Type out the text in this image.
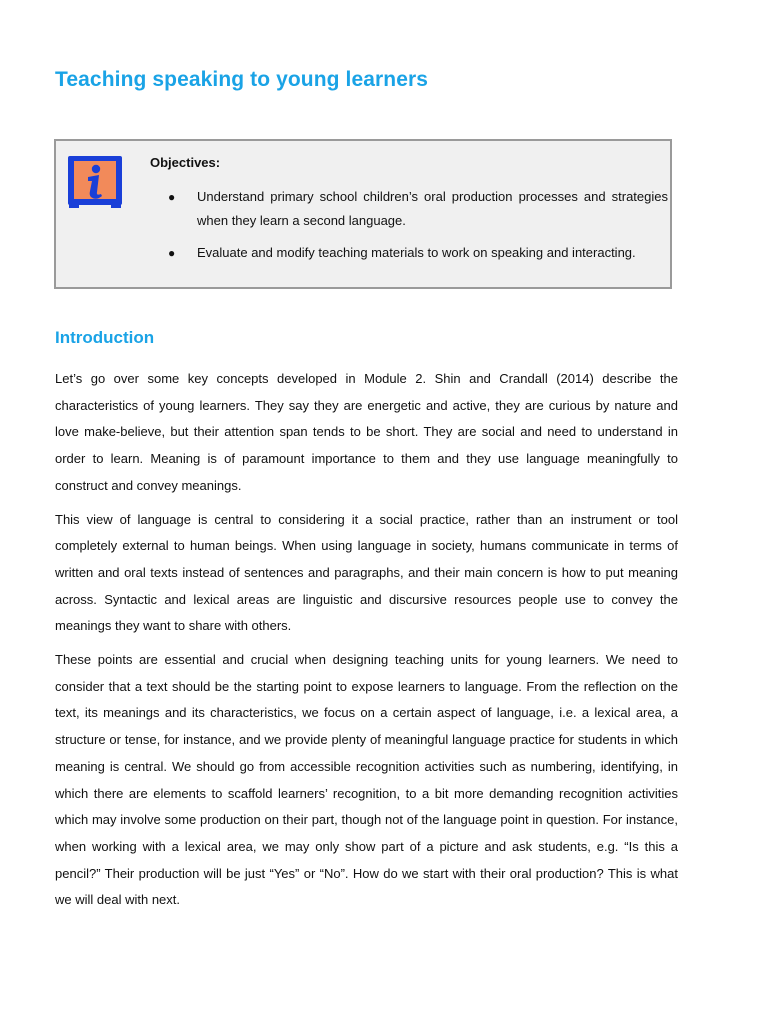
Teaching speaking to young learners

Objectives:

● Understand primary school children’s oral production processes and strategies when they learn a second language.
● Evaluate and modify teaching materials to work on speaking and interacting.
Introduction

Let’s go over some key concepts developed in Module 2. Shin and Crandall (2014) describe the characteristics of young learners. They say they are energetic and active, they are curious by nature and love make-believe, but their attention span tends to be short. They are social and need to understand in order to learn. Meaning is of paramount importance to them and they use language meaningfully to construct and convey meanings.

This view of language is central to considering it a social practice, rather than an instrument or tool completely external to human beings. When using language in society, humans communicate in terms of written and oral texts instead of sentences and paragraphs, and their main concern is how to put meaning across. Syntactic and lexical areas are linguistic and discursive resources people use to convey the meanings they want to share with others.

These points are essential and crucial when designing teaching units for young learners. We need to consider that a text should be the starting point to expose learners to language. From the reflection on the text, its meanings and its characteristics, we focus on a certain aspect of language, i.e. a lexical area, a structure or tense, for instance, and we provide plenty of meaningful language practice for students in which meaning is central. We should go from accessible recognition activities such as numbering, identifying, in which there are elements to scaffold learners’ recognition, to a bit more demanding recognition activities which may involve some production on their part, though not of the language point in question. For instance, when working with a lexical area, we may only show part of a picture and ask students, e.g. “Is this a pencil?” Their production will be just “Yes” or “No”. How do we start with their oral production? This is what we will deal with next.
